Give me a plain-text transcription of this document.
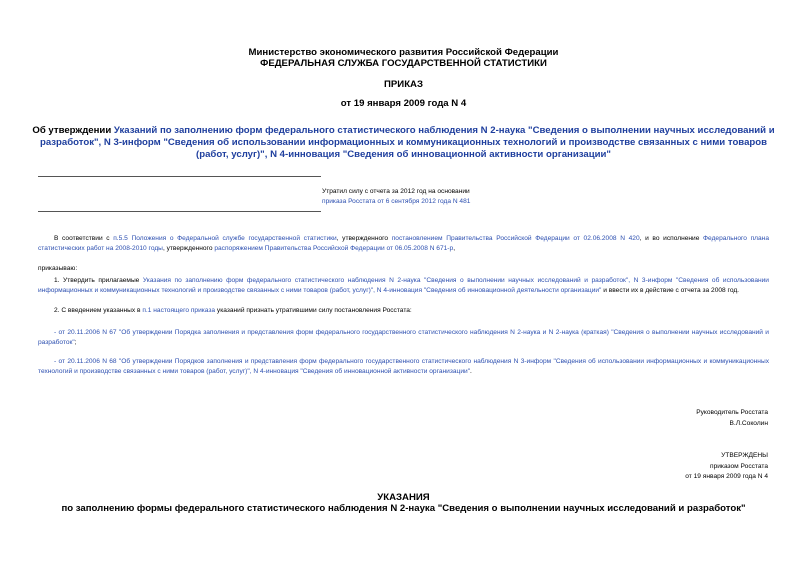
Министерство экономического развития Российской Федерации
ФЕДЕРАЛЬНАЯ СЛУЖБА ГОСУДАРСТВЕННОЙ СТАТИСТИКИ
ПРИКАЗ
от 19 января 2009 года N 4
Об утверждении Указаний по заполнению форм федерального статистического наблюдения N 2-наука "Сведения о выполнении научных исследований и разработок", N 3-информ "Сведения об использовании информационных и коммуникационных технологий и производстве связанных с ними товаров (работ, услуг)", N 4-инновация "Сведения об инновационной активности организации"
Утратил силу с отчета за 2012 год на основании
приказа Росстата от 6 сентября 2012 года N 481
В соответствии с п.5.5 Положения о Федеральной службе государственной статистики, утвержденного постановлением Правительства Российской Федерации от 02.06.2008 N 420, и во исполнение Федерального плана статистических работ на 2008-2010 годы, утвержденного распоряжением Правительства Российской Федерации от 06.05.2008 N 671-р,
приказываю:
1. Утвердить прилагаемые Указания по заполнению форм федерального статистического наблюдения N 2-наука "Сведения о выполнении научных исследований и разработок", N 3-информ "Сведения об использовании информационных и коммуникационных технологий и производстве связанных с ними товаров (работ, услуг)", N 4-инновация "Сведения об инновационной деятельности организации" и ввести их в действие с отчета за 2008 год.
2. С введением указанных в п.1 настоящего приказа указаний признать утратившими силу постановления Росстата:
- от 20.11.2006 N 67 "Об утверждении Порядка заполнения и представления форм федерального государственного статистического наблюдения N 2-наука и N 2-наука (краткая) "Сведения о выполнении научных исследований и разработок";
- от 20.11.2006 N 68 "Об утверждении Порядков заполнения и представления форм федерального государственного статистического наблюдения N 3-информ "Сведения об использовании информационных и коммуникационных технологий и производстве связанных с ними товаров (работ, услуг)", N 4-инновация "Сведения об инновационной активности организации".
Руководитель Росстата
В.Л.Соколин
УТВЕРЖДЕНЫ
приказом Росстата
от 19 января 2009 года N 4
УКАЗАНИЯ
по заполнению формы федерального статистического наблюдения N 2-наука "Сведения о выполнении научных исследований и разработок"
